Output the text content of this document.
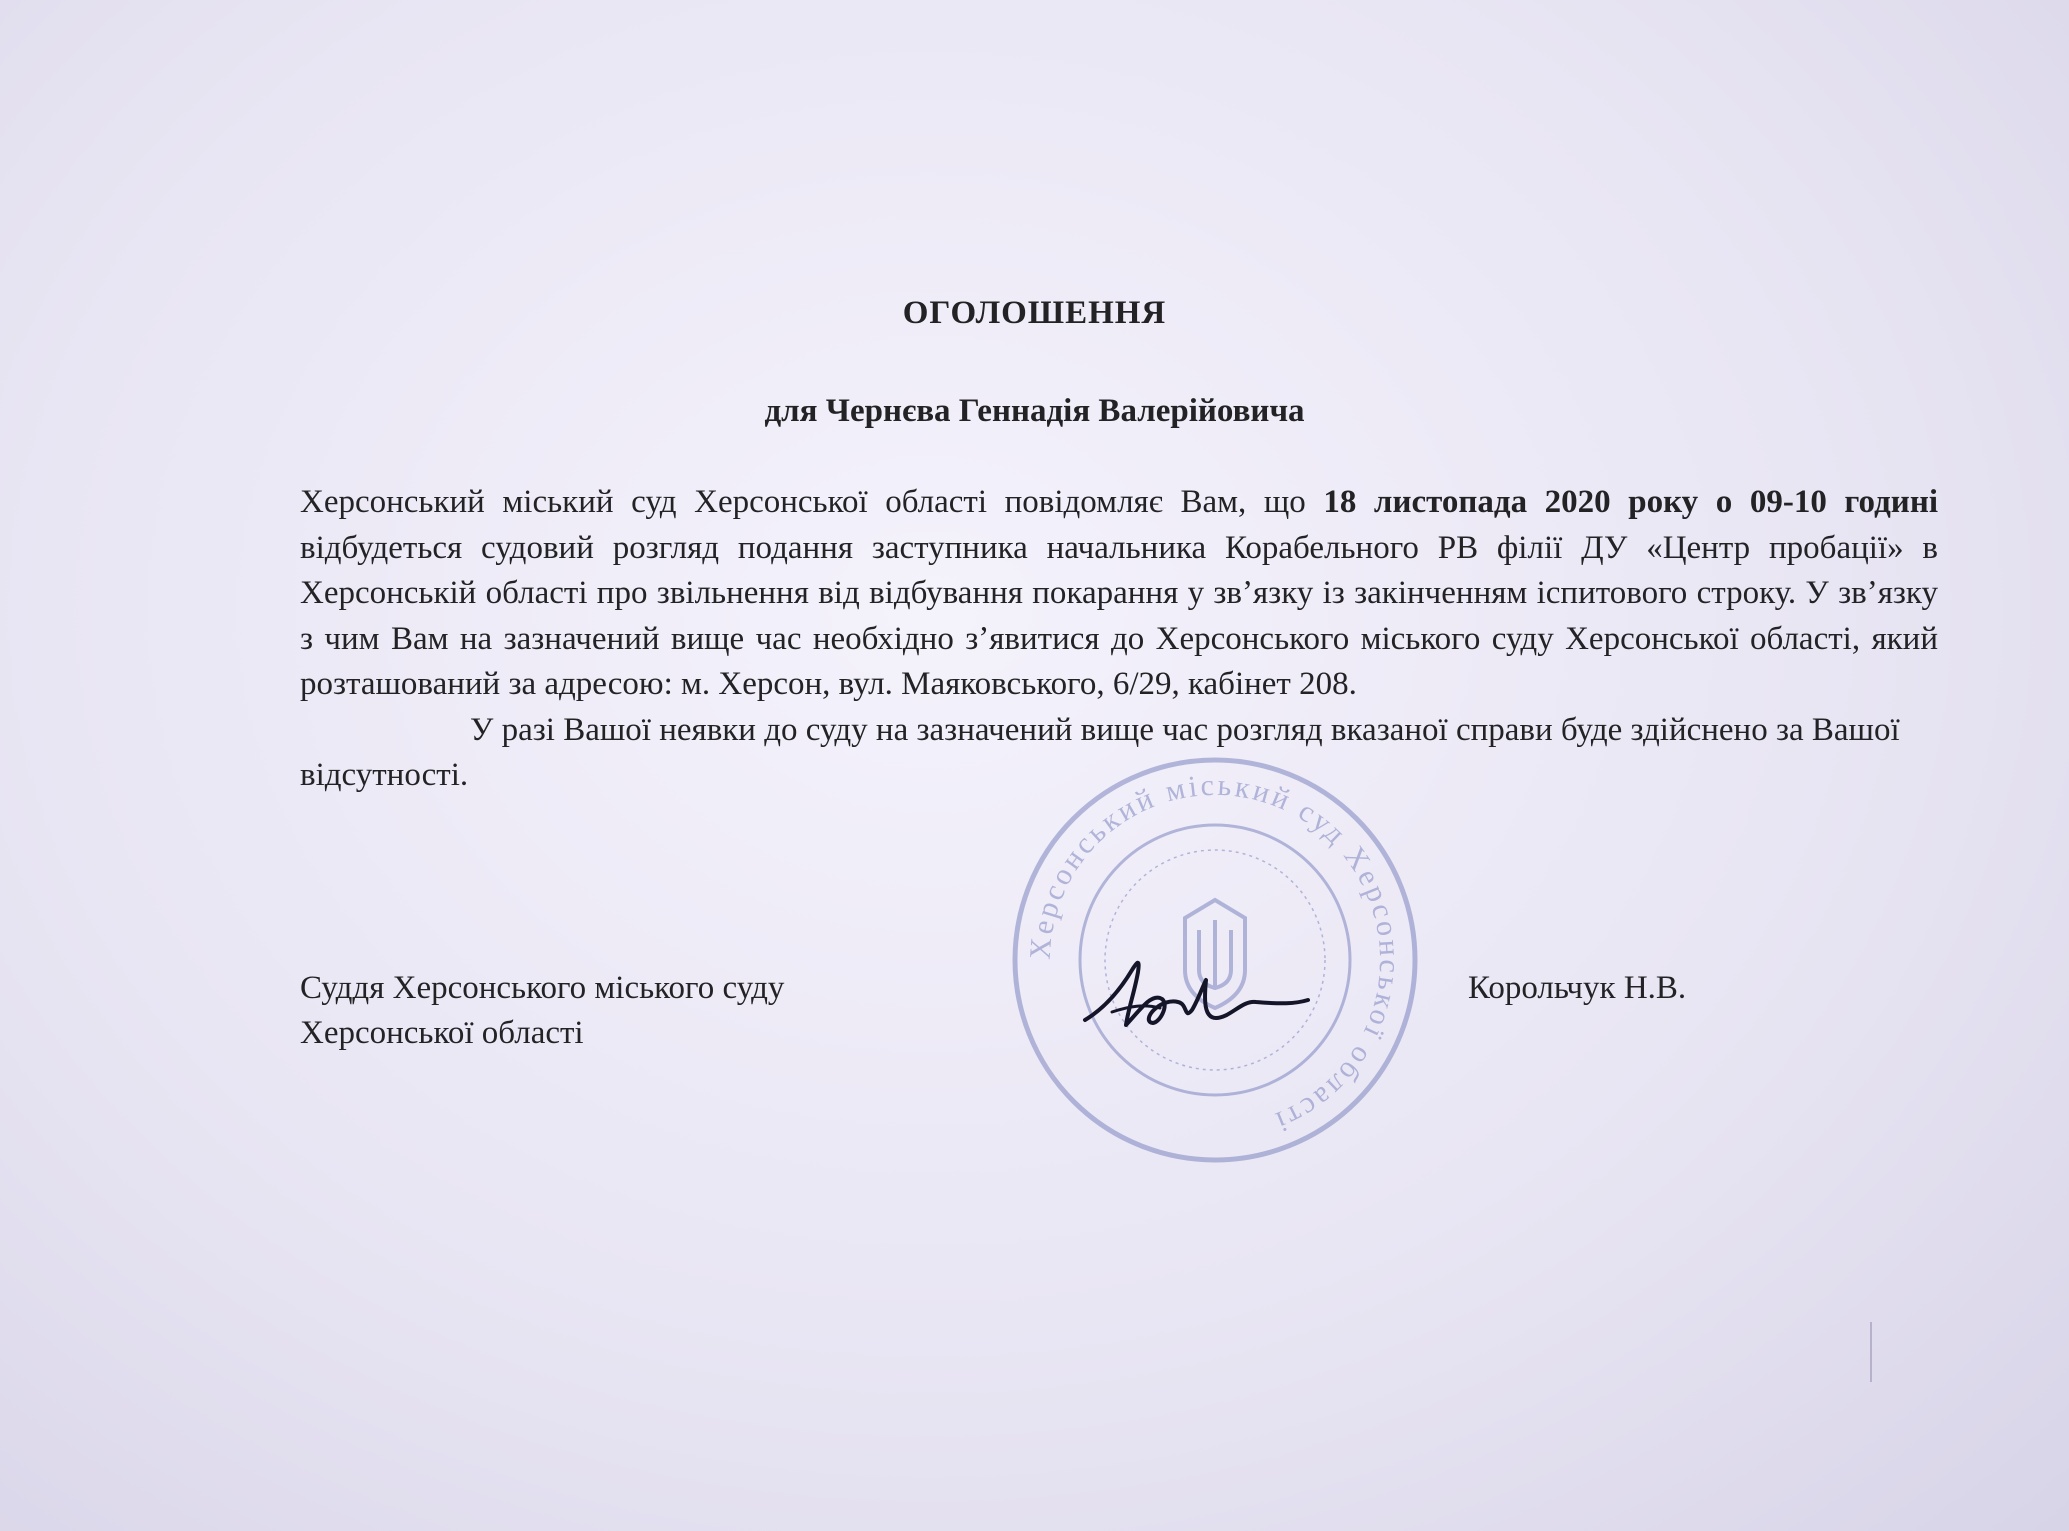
ОГОЛОШЕННЯ
для Чернєва Геннадія Валерійовича

Херсонський міський суд Херсонської області повідомляє Вам, що 18 листопада 2020 року о 09-10 годині відбудеться судовий розгляд подання заступника начальника Корабельного РВ філії ДУ «Центр пробації» в Херсонській області про звільнення від відбування покарання у звʼязку із закінченням іспитового строку. У звʼязку з чим Вам на зазначений вище час необхідно зʼявитися до Херсонського міського суду Херсонської області, який розташований за адресою: м. Херсон, вул. Маяковського, 6/29, кабінет 208.

У разі Вашої неявки до суду на зазначений вище час розгляд вказаної справи буде здійснено за Вашої відсутності.

Херсонський міський суд Херсонської області
Суддя Херсонського міського суду
Херсонської області
Корольчук Н.В.
